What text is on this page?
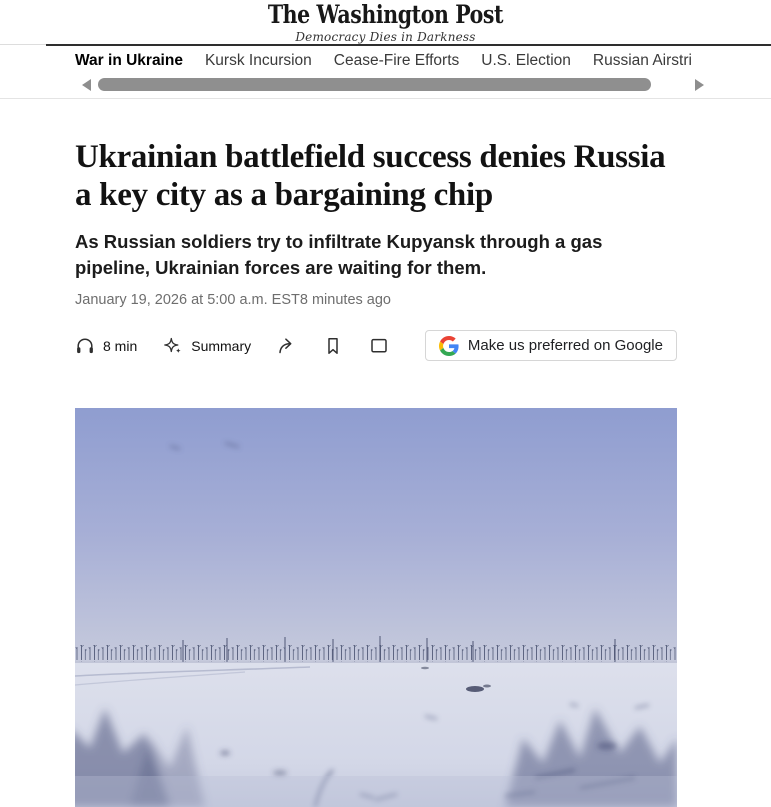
The Washington Post
Democracy Dies in Darkness
War in Ukraine Kursk Incursion Cease-Fire Efforts U.S. Election Russian Airstri
Ukrainian battlefield success denies Russia a key city as a bargaining chip
As Russian soldiers try to infiltrate Kupyansk through a gas pipeline, Ukrainian forces are waiting for them.
January 19, 2026 at 5:00 a.m. EST8 minutes ago
8 min	Summary	Make us preferred on Google
